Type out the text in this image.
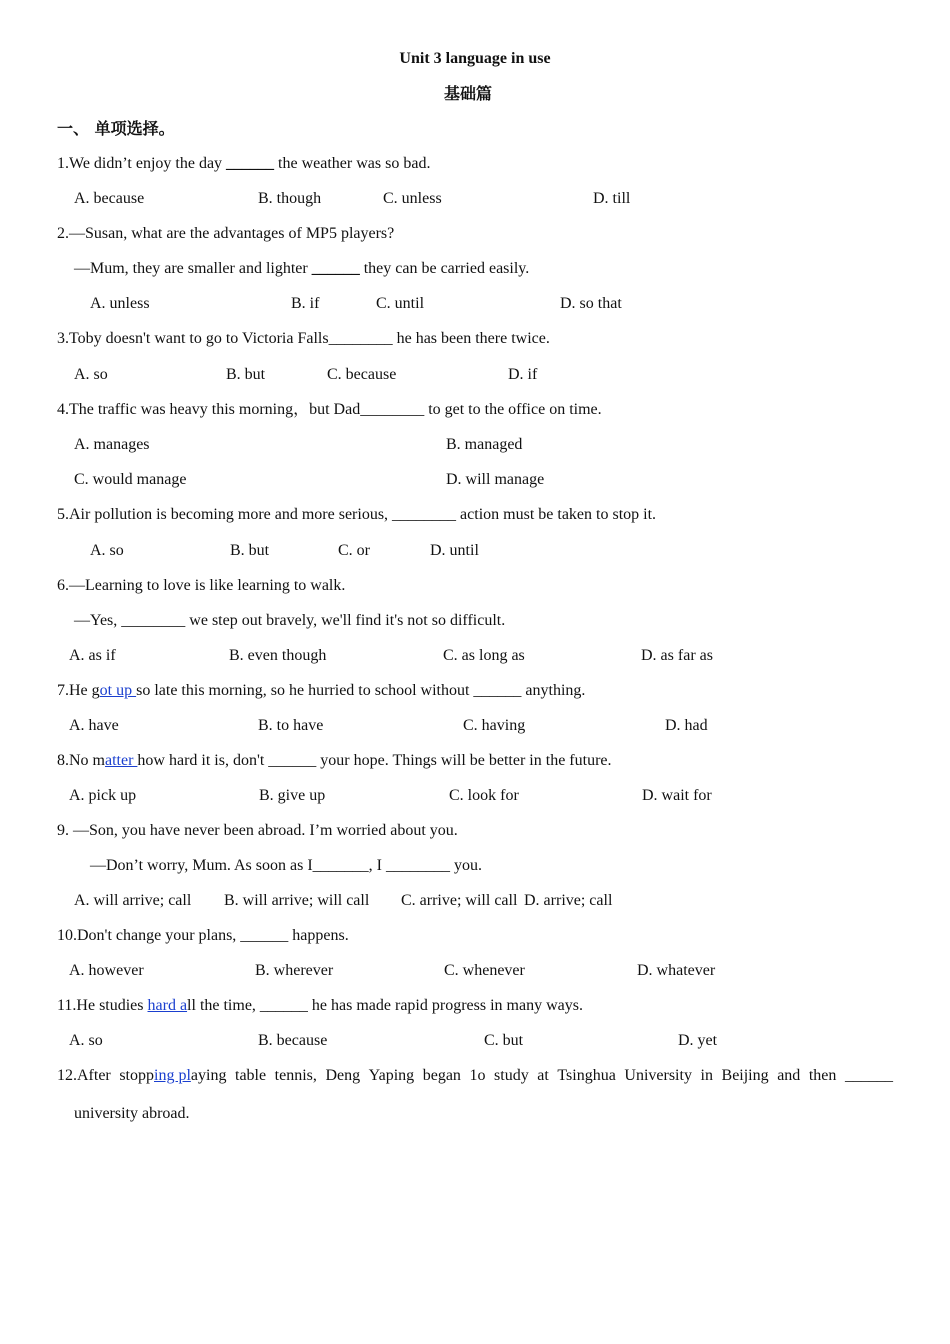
Unit 3 language in use
基础篇
一、 单项选择。
1.We didn’t enjoy the day ______ the weather was so bad.
A. because	B. though	C. unless	D. till
2.—Susan, what are the advantages of MP5 players?
—Mum, they are smaller and lighter ______ they can be carried easily.
A. unless	B. if	C. until	D. so that
3.Toby doesn't want to go to Victoria Falls________ he has been there twice.
A. so	B. but	C. because	D. if
4.The traffic was heavy this morning，but Dad________ to get to the office on time.
A. manages	B. managed
C. would manage	D. will manage
5.Air pollution is becoming more and more serious, ________ action must be taken to stop it.
A. so	B. but	C. or	D. until
6.—Learning to love is like learning to walk.
—Yes, ________ we step out bravely, we'll find it's not so difficult.
A. as if	B. even though	C. as long as	D. as far as
7.He got up so late this morning, so he hurried to school without ______ anything.
A. have	B. to have	C. having	D. had
8.No matter how hard it is, don't ______ your hope. Things will be better in the future.
A. pick up	B. give up	C. look for	D. wait for
9. —Son, you have never been abroad. I’m worried about you.
—Don’t worry, Mum. As soon as I_______, I ________ you.
A. will arrive; call B. will arrive; will call C. arrive; will call D. arrive; call
10.Don't change your plans, ______ happens.
A. however	B. wherever	C. whenever	D. whatever
11.He studies hard all the time, ______ he has made rapid progress in many ways.
A. so	B. because	C. but	D. yet
12.After stopping playing table tennis, Deng Yaping began 1o study at Tsinghua University in Beijing and then ______
university abroad.
